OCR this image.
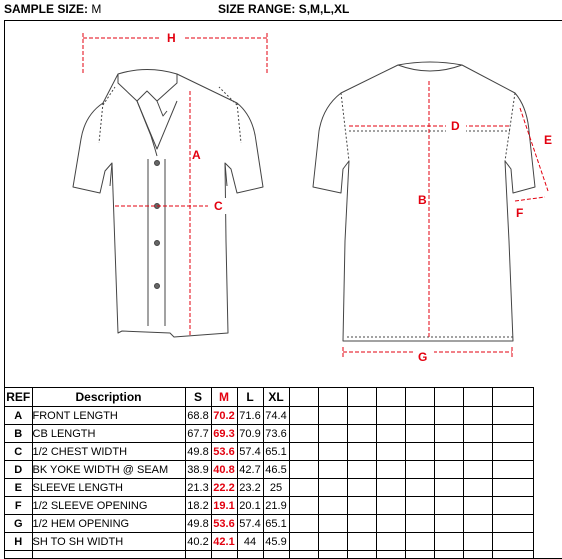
SAMPLE SIZE: M	SIZE RANGE: S,M,L,XL
H
A
C
D
B
E
F
G
REF	Description	S	M	L	XL								
A	FRONT LENGTH	68.8	70.2	71.6	74.4								
B	CB LENGTH	67.7	69.3	70.9	73.6								
C	1/2 CHEST WIDTH	49.8	53.6	57.4	65.1								
D	BK YOKE WIDTH @ SEAM	38.9	40.8	42.7	46.5								
E	SLEEVE LENGTH	21.3	22.2	23.2	25								
F	1/2 SLEEVE OPENING	18.2	19.1	20.1	21.9								
G	1/2 HEM OPENING	49.8	53.6	57.4	65.1								
H	SH TO SH WIDTH	40.2	42.1	44	45.9								
